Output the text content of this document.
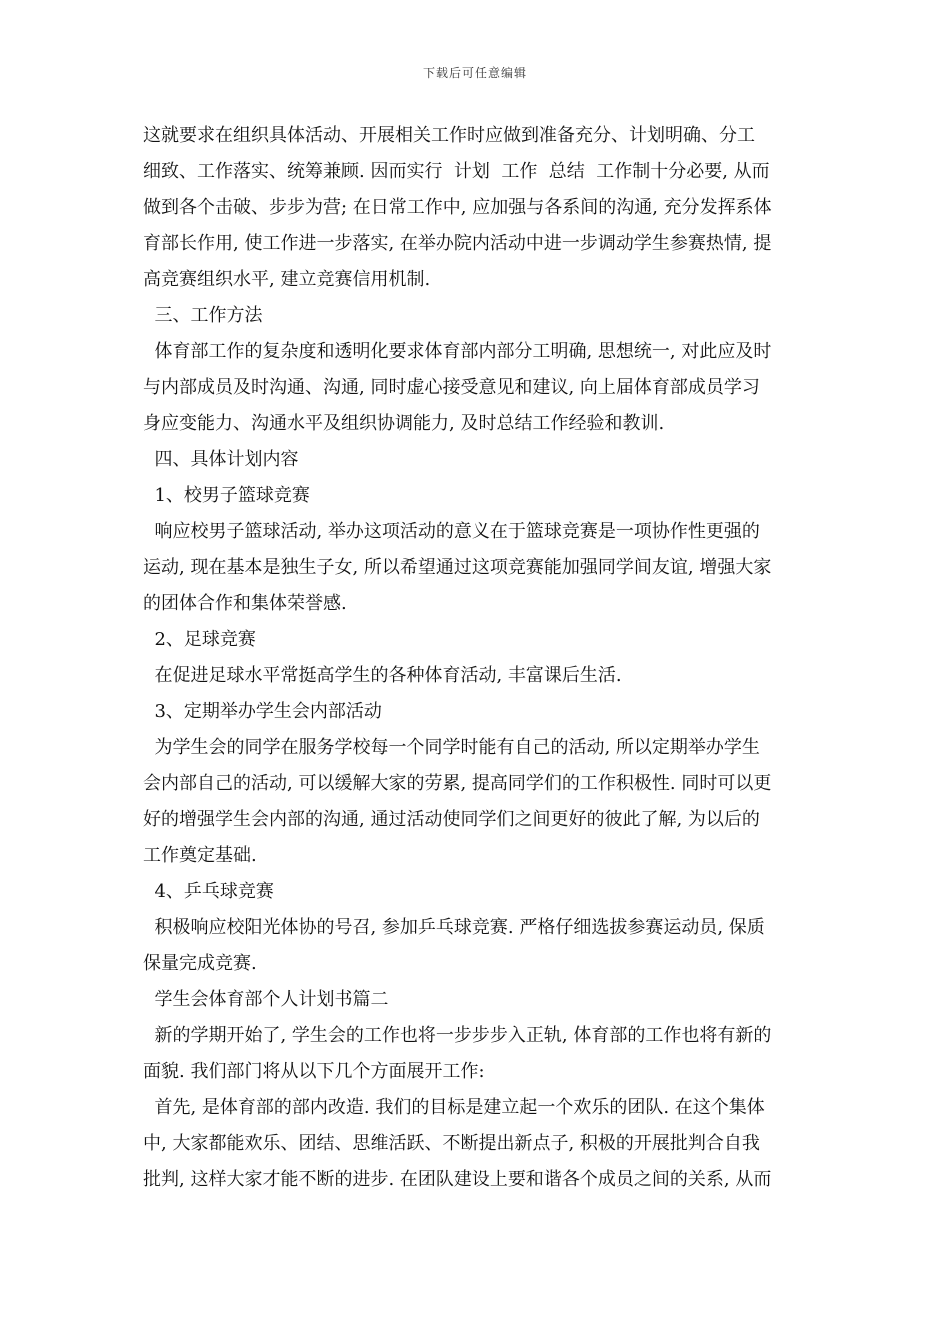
下载后可任意编辑
这就要求在组织具体活动、开展相关工作时应做到准备充分、计划明确、分工
细致、工作落实、统筹兼顾. 因而实行  计划  工作  总结  工作制十分必要, 从而
做到各个击破、步步为营; 在日常工作中, 应加强与各系间的沟通, 充分发挥系体
育部长作用, 使工作进一步落实, 在举办院内活动中进一步调动学生参赛热情, 提
高竞赛组织水平, 建立竞赛信用机制.
三、工作方法
体育部工作的复杂度和透明化要求体育部内部分工明确, 思想统一, 对此应及时
与内部成员及时沟通、沟通, 同时虚心接受意见和建议, 向上届体育部成员学习
身应变能力、沟通水平及组织协调能力, 及时总结工作经验和教训.
四、具体计划内容
1、校男子篮球竞赛
响应校男子篮球活动, 举办这项活动的意义在于篮球竞赛是一项协作性更强的
运动, 现在基本是独生子女, 所以希望通过这项竞赛能加强同学间友谊, 增强大家
的团体合作和集体荣誉感.
2、足球竞赛
在促进足球水平常挺高学生的各种体育活动, 丰富课后生活.
3、定期举办学生会内部活动
为学生会的同学在服务学校每一个同学时能有自己的活动, 所以定期举办学生
会内部自己的活动, 可以缓解大家的劳累, 提高同学们的工作积极性. 同时可以更
好的增强学生会内部的沟通, 通过活动使同学们之间更好的彼此了解, 为以后的
工作奠定基础.
4、乒乓球竞赛
积极响应校阳光体协的号召, 参加乒乓球竞赛. 严格仔细选拔参赛运动员, 保质
保量完成竞赛.
学生会体育部个人计划书篇二
新的学期开始了, 学生会的工作也将一步步步入正轨, 体育部的工作也将有新的
面貌. 我们部门将从以下几个方面展开工作:
首先, 是体育部的部内改造. 我们的目标是建立起一个欢乐的团队. 在这个集体
中, 大家都能欢乐、团结、思维活跃、不断提出新点子, 积极的开展批判合自我
批判, 这样大家才能不断的进步. 在团队建设上要和谐各个成员之间的关系, 从而
